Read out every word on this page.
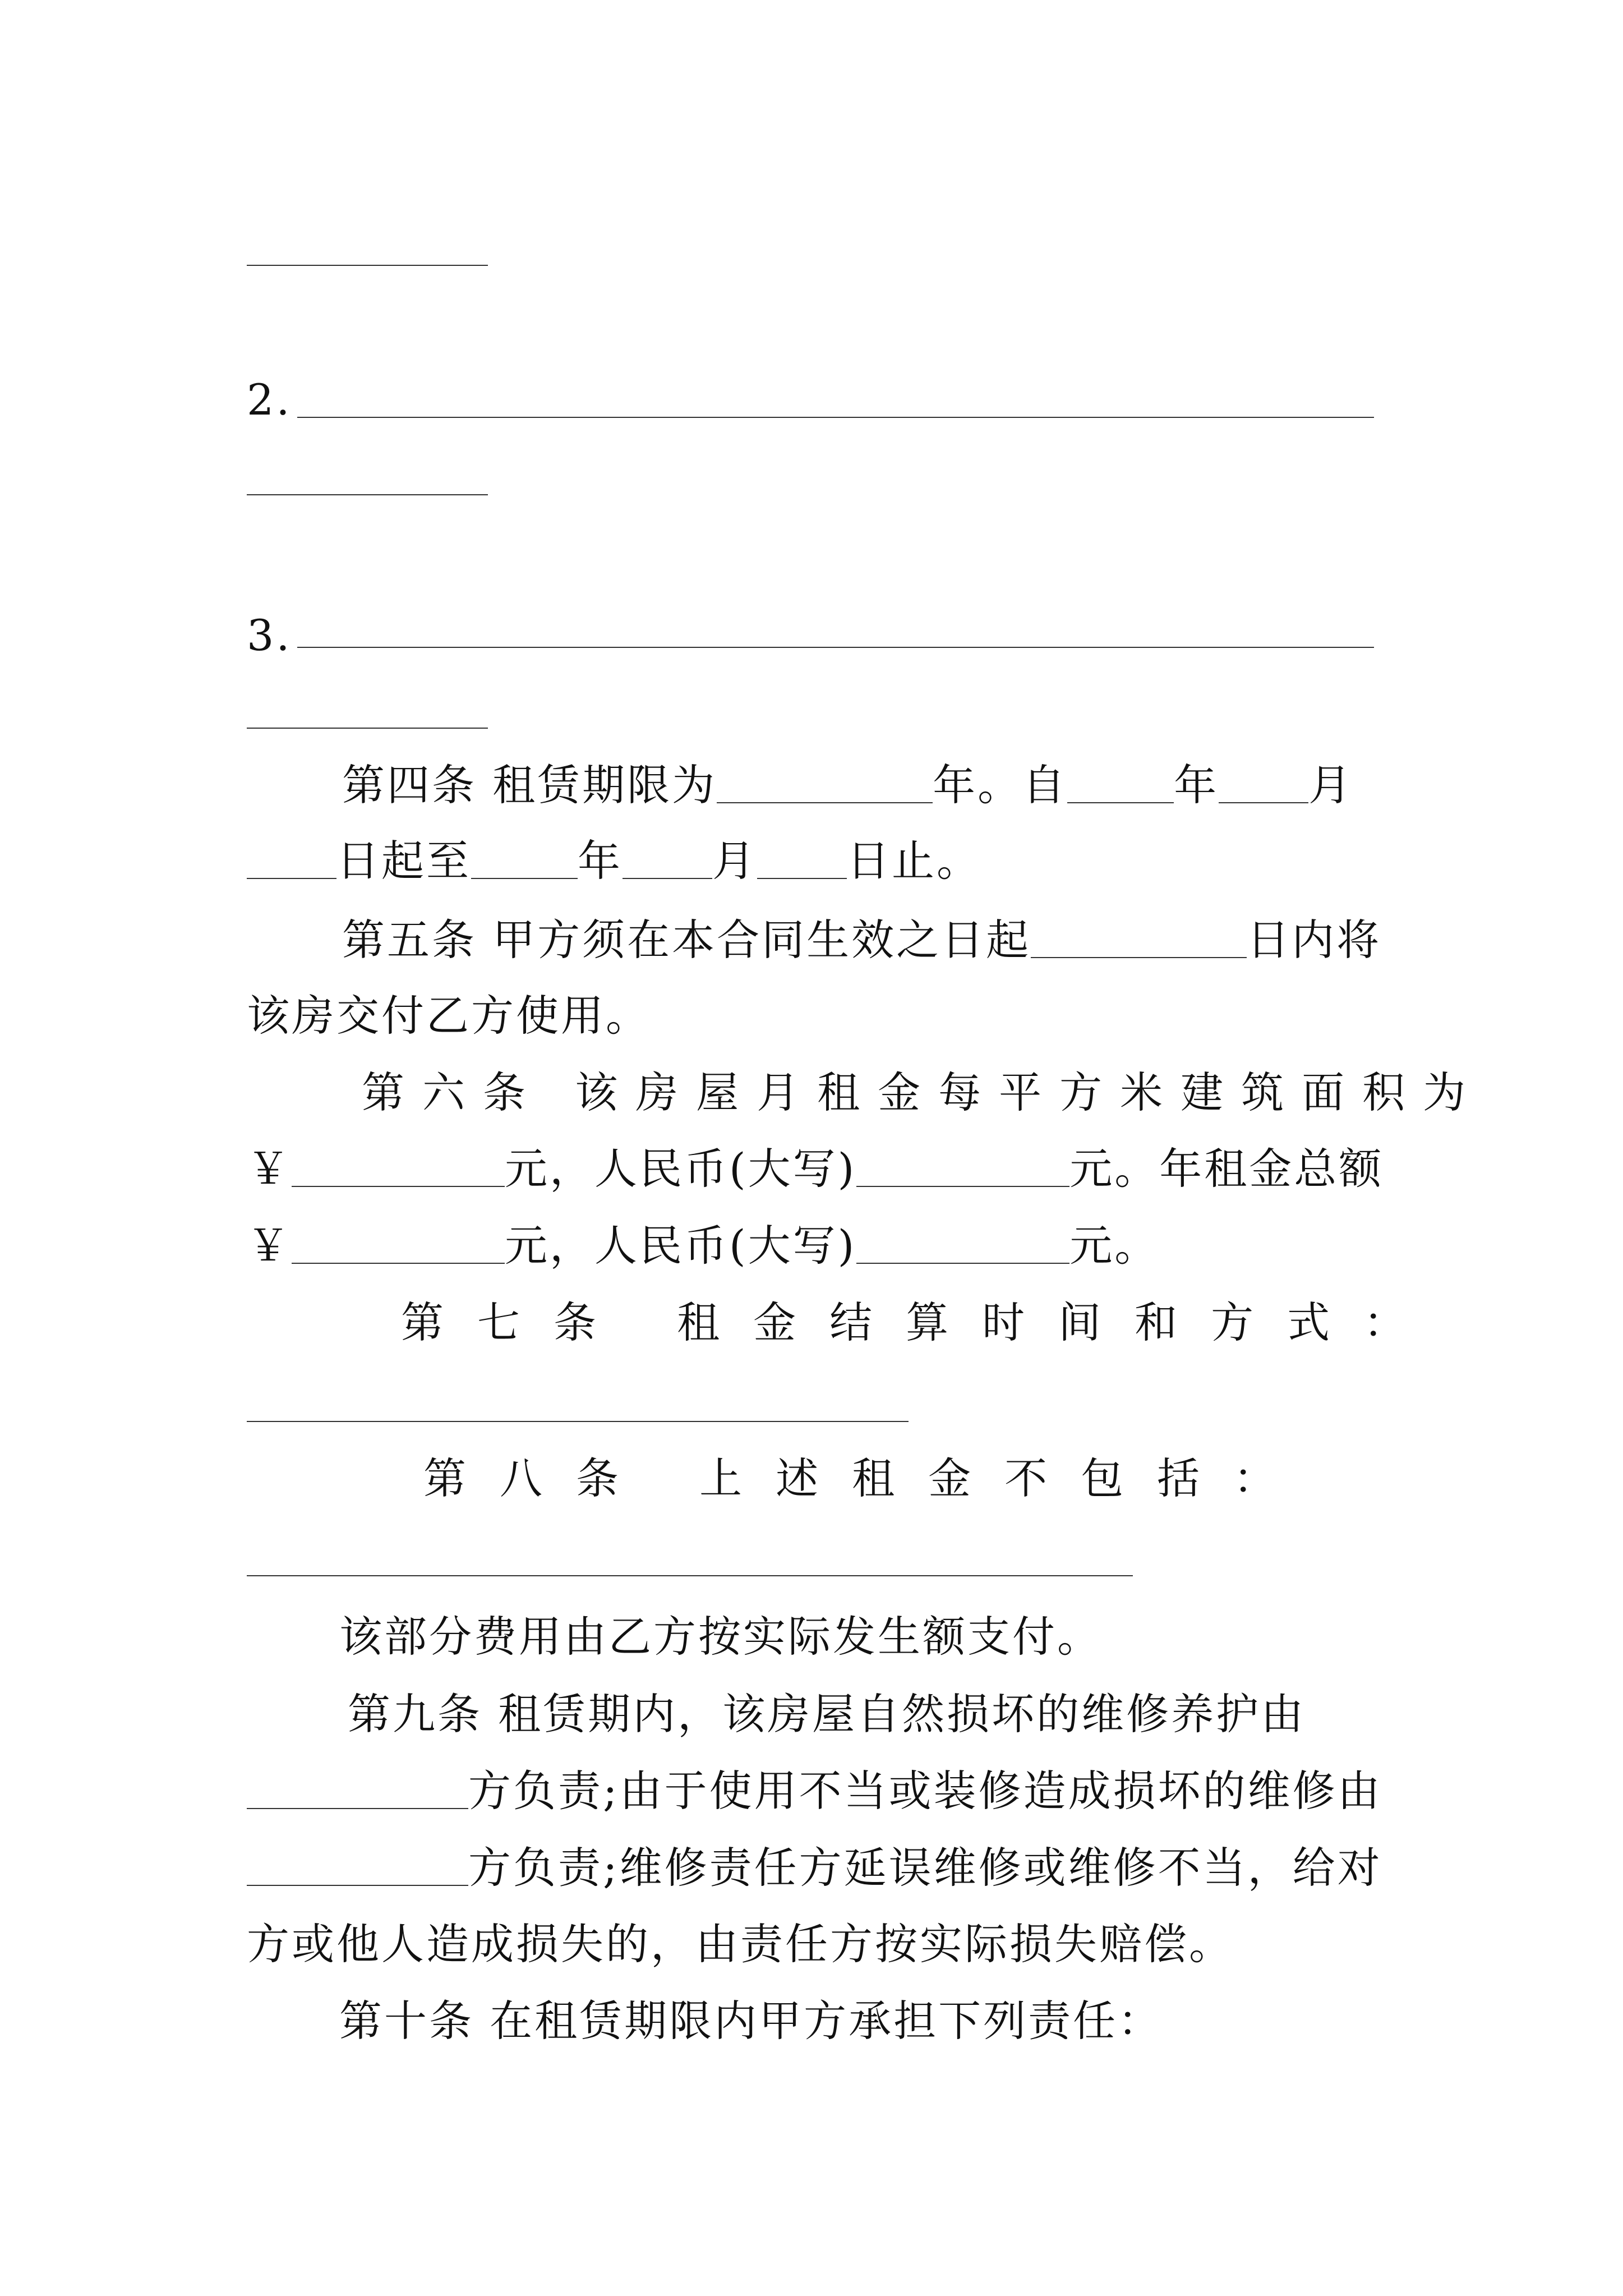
2.
3.
第四条 租赁期限为	年。自	年 月
日起至	年 月 日止。
第五条 甲方须在本合同生效之日起	日内将
该房交付乙方使用。
第六条 该房屋月租金每平方米建筑面积为
￥	元，人民币(大写)	元。年租金总额
￥	元，人民币(大写)	元。
第七条 租金结算时间和方式：
第八条 上述租金不包括：
该部分费用由乙方按实际发生额支付。
第九条 租赁期内，该房屋自然损坏的维修养护由
方负责;由于使用不当或装修造成损坏的维修由
方负责;维修责任方延误维修或维修不当，给对
方或他人造成损失的，由责任方按实际损失赔偿。
第十条 在租赁期限内甲方承担下列责任：
